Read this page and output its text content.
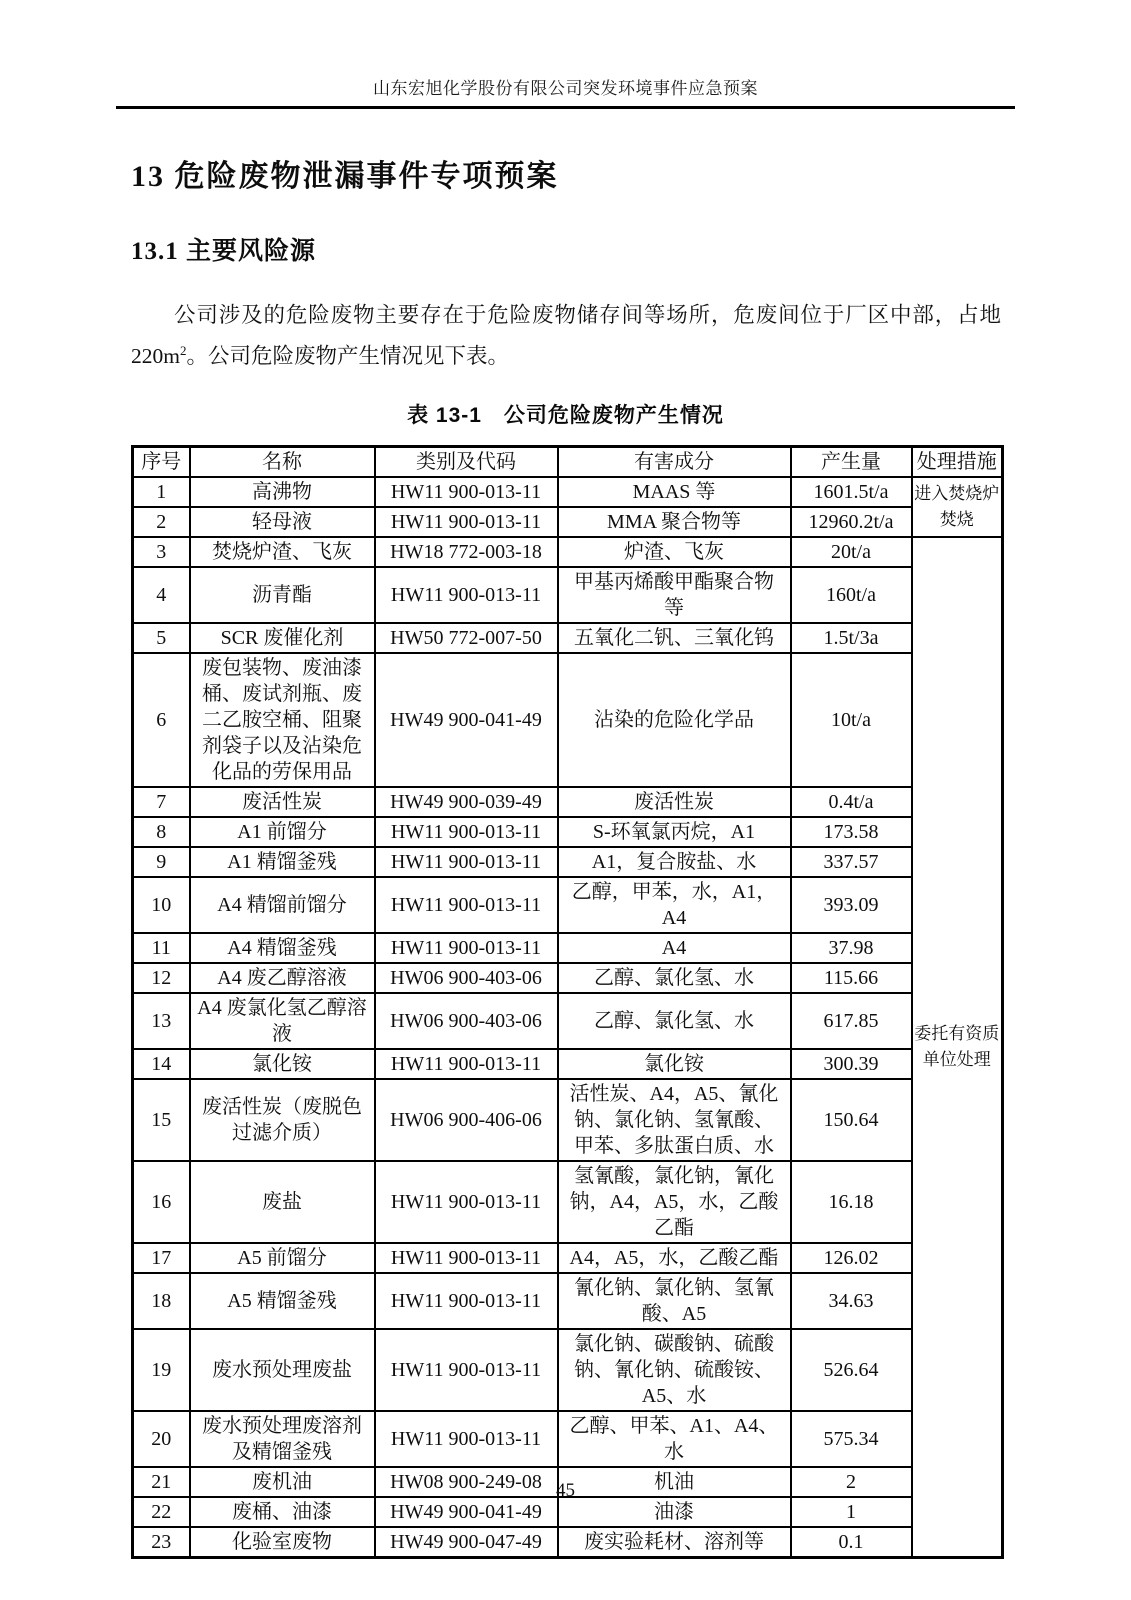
山东宏旭化学股份有限公司突发环境事件应急预案
13 危险废物泄漏事件专项预案
13.1 主要风险源

公司涉及的危险废物主要存在于危险废物储存间等场所，危废间位于厂区中部，占地$220m^2$。公司危险废物产生情况见下表。

表 13-1　公司危险废物产生情况
序号	名称	类别及代码	有害成分	产生量	处理措施
1	高沸物	HW11 900-013-11	MAAS 等	1601.5t/a	进入焚烧炉焚烧
2	轻母液	HW11 900-013-11	MMA 聚合物等	12960.2t/a	
3	焚烧炉渣、飞灰	HW18 772-003-18	炉渣、飞灰	20t/a	委托有资质单位处理
4	沥青酯	HW11 900-013-11	甲基丙烯酸甲酯聚合物等	160t/a	
5	SCR 废催化剂	HW50 772-007-50	五氧化二钒、三氧化钨	1.5t/3a	
6	废包装物、废油漆桶、废试剂瓶、废二乙胺空桶、阻聚剂袋子以及沾染危化品的劳保用品	HW49 900-041-49	沾染的危险化学品	10t/a	
7	废活性炭	HW49 900-039-49	废活性炭	0.4t/a	
8	A1 前馏分	HW11 900-013-11	S-环氧氯丙烷，A1	173.58	
9	A1 精馏釜残	HW11 900-013-11	A1，复合胺盐、水	337.57	
10	A4 精馏前馏分	HW11 900-013-11	乙醇，甲苯，水，A1，A4	393.09	
11	A4 精馏釜残	HW11 900-013-11	A4	37.98	
12	A4 废乙醇溶液	HW06 900-403-06	乙醇、氯化氢、水	115.66	
13	A4 废氯化氢乙醇溶液	HW06 900-403-06	乙醇、氯化氢、水	617.85	
14	氯化铵	HW11 900-013-11	氯化铵	300.39	
15	废活性炭（废脱色过滤介质）	HW06 900-406-06	活性炭、A4，A5、氰化钠、氯化钠、氢氰酸、甲苯、多肽蛋白质、水	150.64	
16	废盐	HW11 900-013-11	氢氰酸，氯化钠，氰化钠，A4，A5，水，乙酸乙酯	16.18	
17	A5 前馏分	HW11 900-013-11	A4，A5，水，乙酸乙酯	126.02	
18	A5 精馏釜残	HW11 900-013-11	氰化钠、氯化钠、氢氰酸、A5	34.63	
19	废水预处理废盐	HW11 900-013-11	氯化钠、碳酸钠、硫酸钠、氰化钠、硫酸铵、A5、水	526.64	
20	废水预处理废溶剂及精馏釜残	HW11 900-013-11	乙醇、甲苯、A1、A4、水	575.34	
21	废机油	HW08 900-249-08	机油	2	
22	废桶、油漆	HW49 900-041-49	油漆	1	
23	化验室废物	HW49 900-047-49	废实验耗材、溶剂等	0.1	
45
